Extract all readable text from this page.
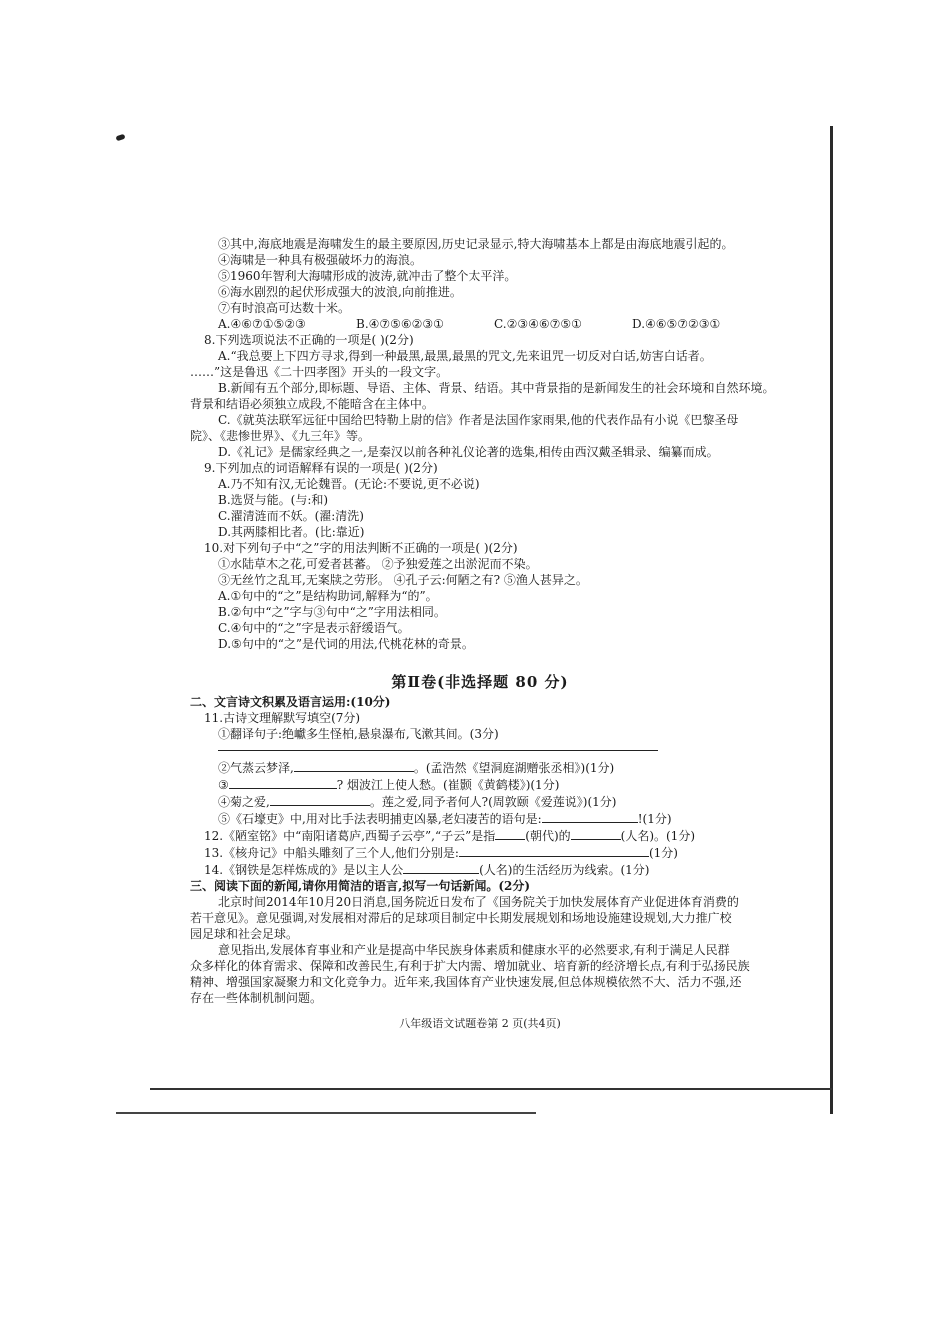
③其中,海底地震是海啸发生的最主要原因,历史记录显示,特大海啸基本上都是由海底地震引起的。
④海啸是一种具有极强破坏力的海浪。
⑤1960年智利大海啸形成的波涛,就冲击了整个太平洋。
⑥海水剧烈的起伏形成强大的波浪,向前推进。
⑦有时浪高可达数十米。
A.④⑥⑦①⑤②③	B.④⑦⑤⑥②③①	C.②③④⑥⑦⑤①	D.④⑥⑤⑦②③①
8.下列选项说法不正确的一项是( )(2分)
A.“我总要上下四方寻求,得到一种最黑,最黑,最黑的咒文,先来诅咒一切反对白话,妨害白话者。
……”这是鲁迅《二十四孝图》开头的一段文字。
B.新闻有五个部分,即标题、导语、主体、背景、结语。其中背景指的是新闻发生的社会环境和自然环境。
背景和结语必须独立成段,不能暗含在主体中。
C.《就英法联军远征中国给巴特勒上尉的信》作者是法国作家雨果,他的代表作品有小说《巴黎圣母
院》、《悲惨世界》、《九三年》等。
D.《礼记》是儒家经典之一,是秦汉以前各种礼仪论著的选集,相传由西汉戴圣辑录、编纂而成。
9.下列加点的词语解释有误的一项是( )(2分)
A.乃不知有汉,无论魏晋。(无论:不要说,更不必说)
B.选贤与能。(与:和)
C.濯清涟而不妖。(濯:清洗)
D.其两膝相比者。(比:靠近)
10.对下列句子中“之”字的用法判断不正确的一项是( )(2分)
①水陆草木之花,可爱者甚蕃。 ②予独爱莲之出淤泥而不染。
③无丝竹之乱耳,无案牍之劳形。 ④孔子云:何陋之有? ⑤渔人甚异之。
A.①句中的“之”是结构助词,解释为“的”。
B.②句中“之”字与③句中“之”字用法相同。
C.④句中的“之”字是表示舒缓语气。
D.⑤句中的“之”是代词的用法,代桃花林的奇景。
第Ⅱ卷(非选择题 80 分)
二、文言诗文积累及语言运用:(10分)
11.古诗文理解默写填空(7分)
①翻译句子:绝巘多生怪柏,悬泉瀑布,飞漱其间。(3分)
②气蒸云梦泽,	。(孟浩然《望洞庭湖赠张丞相》)(1分)
③	? 烟波江上使人愁。(崔颢《黄鹤楼》)(1分)
④菊之爱,	。莲之爱,同予者何人?(周敦颐《爱莲说》)(1分)
⑤《石壕吏》中,用对比手法表明捕吏凶暴,老妇凄苦的语句是:	!(1分)
12.《陋室铭》中“南阳诸葛庐,西蜀子云亭”,“子云”是指	(朝代)的	(人名)。(1分)
13.《核舟记》中船头雕刻了三个人,他们分别是:	(1分)
14.《钢铁是怎样炼成的》是以主人公	(人名)的生活经历为线索。(1分)
三、阅读下面的新闻,请你用简洁的语言,拟写一句话新闻。(2分)
北京时间2014年10月20日消息,国务院近日发布了《国务院关于加快发展体育产业促进体育消费的
若干意见》。意见强调,对发展相对滞后的足球项目制定中长期发展规划和场地设施建设规划,大力推广校
园足球和社会足球。
意见指出,发展体育事业和产业是提高中华民族身体素质和健康水平的必然要求,有利于满足人民群
众多样化的体育需求、保障和改善民生,有利于扩大内需、增加就业、培育新的经济增长点,有利于弘扬民族
精神、增强国家凝聚力和文化竞争力。近年来,我国体育产业快速发展,但总体规模依然不大、活力不强,还
存在一些体制机制问题。
八年级语文试题卷第 2 页(共4页)
